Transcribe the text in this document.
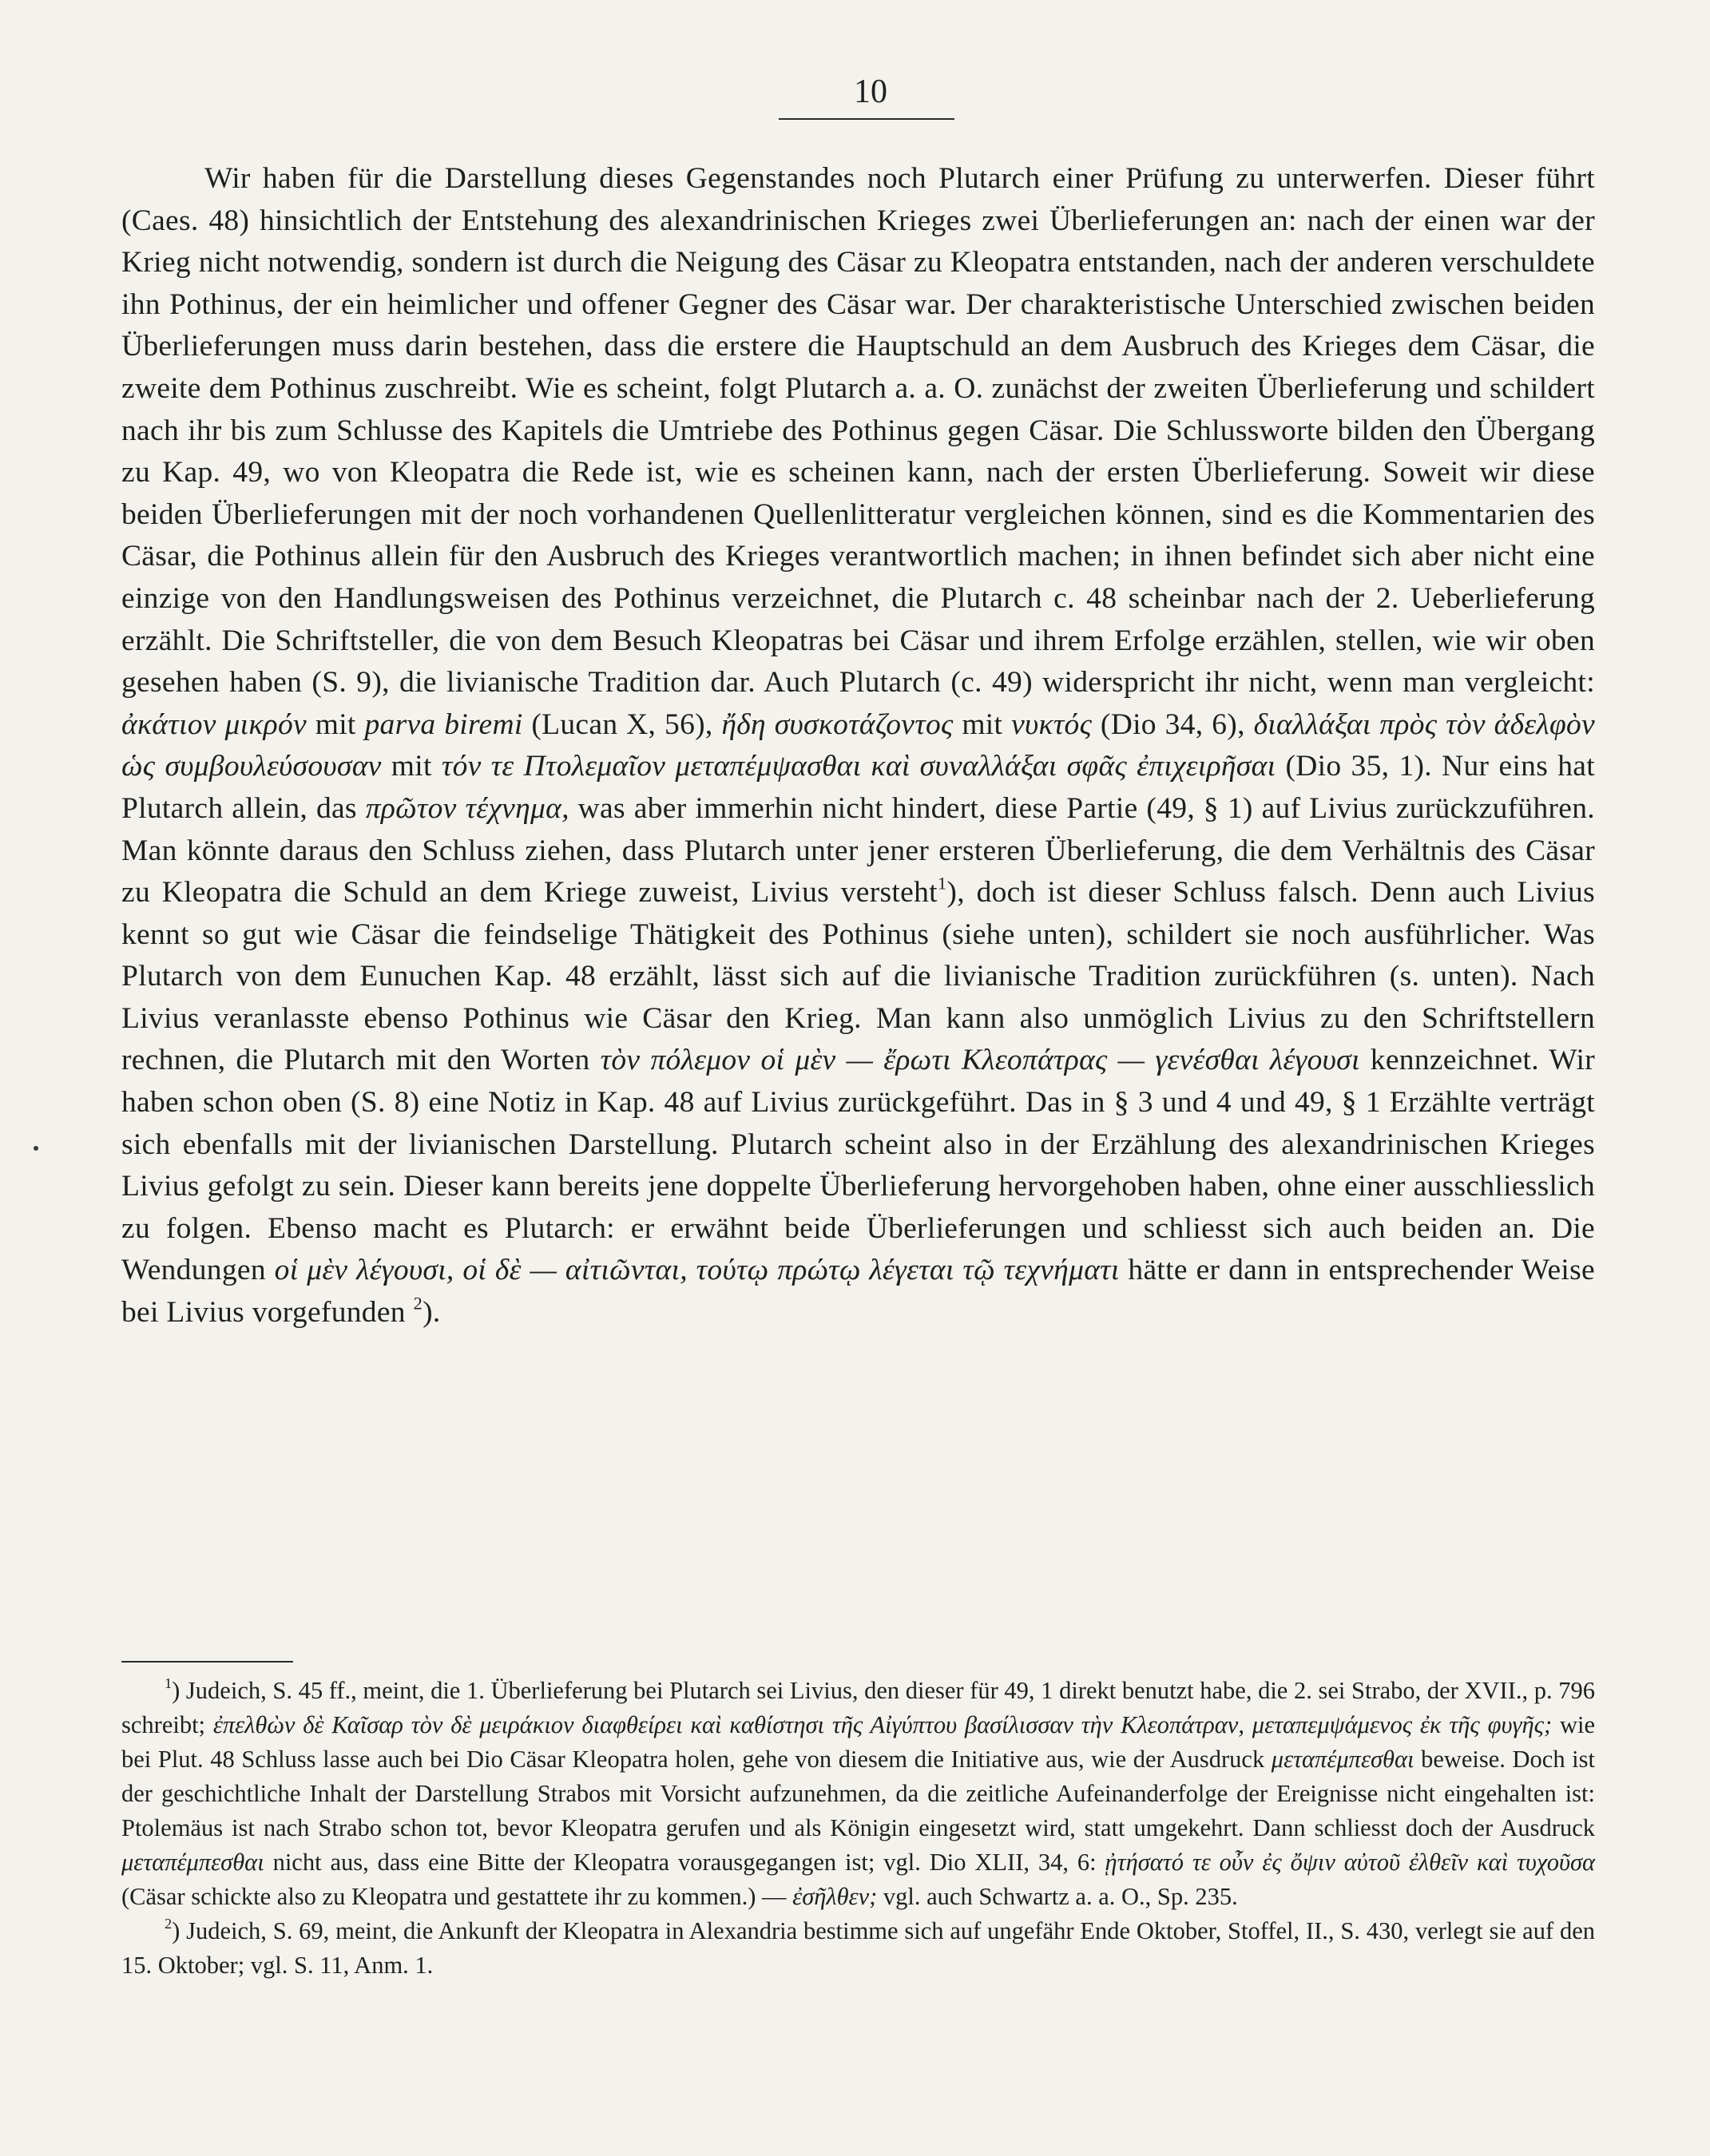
10

Wir haben für die Darstellung dieses Gegenstandes noch Plutarch einer Prüfung zu unterwerfen. Dieser führt (Caes. 48) hinsichtlich der Entstehung des alexandrinischen Krieges zwei Überlieferungen an: nach der einen war der Krieg nicht notwendig, sondern ist durch die Neigung des Cäsar zu Kleopatra entstanden, nach der anderen verschuldete ihn Pothinus, der ein heimlicher und offener Gegner des Cäsar war. Der charakteristische Unterschied zwischen beiden Überlieferungen muss darin bestehen, dass die erstere die Hauptschuld an dem Ausbruch des Krieges dem Cäsar, die zweite dem Pothinus zuschreibt. Wie es scheint, folgt Plutarch a. a. O. zunächst der zweiten Überlieferung und schildert nach ihr bis zum Schlusse des Kapitels die Umtriebe des Pothinus gegen Cäsar. Die Schlussworte bilden den Übergang zu Kap. 49, wo von Kleopatra die Rede ist, wie es scheinen kann, nach der ersten Überlieferung. Soweit wir diese beiden Überlieferungen mit der noch vorhandenen Quellenlitteratur vergleichen können, sind es die Kommentarien des Cäsar, die Pothinus allein für den Ausbruch des Krieges verantwortlich machen; in ihnen befindet sich aber nicht eine einzige von den Handlungsweisen des Pothinus verzeichnet, die Plutarch c. 48 scheinbar nach der 2. Ueberlieferung erzählt. Die Schriftsteller, die von dem Besuch Kleopatras bei Cäsar und ihrem Erfolge erzählen, stellen, wie wir oben gesehen haben (S. 9), die livianische Tradition dar. Auch Plutarch (c. 49) widerspricht ihr nicht, wenn man vergleicht: ἀκάτιον μικρόν mit parva biremi (Lucan X, 56), ἤδη συσκοτάζοντος mit νυκτός (Dio 34, 6), διαλλάξαι πρὸς τὸν ἀδελφὸν ὡς συμβουλεύσουσαν mit τόν τε Πτολεμαῖον μεταπέμψασθαι καὶ συναλλάξαι σφᾶς ἐπιχειρῆσαι (Dio 35, 1). Nur eins hat Plutarch allein, das πρῶτον τέχνημα, was aber immerhin nicht hindert, diese Partie (49, § 1) auf Livius zurückzuführen. Man könnte daraus den Schluss ziehen, dass Plutarch unter jener ersteren Überlieferung, die dem Verhältnis des Cäsar zu Kleopatra die Schuld an dem Kriege zuweist, Livius versteht$^1$), doch ist dieser Schluss falsch. Denn auch Livius kennt so gut wie Cäsar die feindselige Thätigkeit des Pothinus (siehe unten), schildert sie noch ausführlicher. Was Plutarch von dem Eunuchen Kap. 48 erzählt, lässt sich auf die livianische Tradition zurückführen (s. unten). Nach Livius veranlasste ebenso Pothinus wie Cäsar den Krieg. Man kann also unmöglich Livius zu den Schriftstellern rechnen, die Plutarch mit den Worten τὸν πόλεμον οἱ μὲν — ἔρωτι Κλεοπάτρας — γενέσθαι λέγουσι kennzeichnet. Wir haben schon oben (S. 8) eine Notiz in Kap. 48 auf Livius zurückgeführt. Das in § 3 und 4 und 49, § 1 Erzählte verträgt sich ebenfalls mit der livianischen Darstellung. Plutarch scheint also in der Erzählung des alexandrinischen Krieges Livius gefolgt zu sein. Dieser kann bereits jene doppelte Überlieferung hervorgehoben haben, ohne einer ausschliesslich zu folgen. Ebenso macht es Plutarch: er erwähnt beide Überlieferungen und schliesst sich auch beiden an. Die Wendungen οἱ μὲν λέγουσι, οἱ δὲ — αἰτιῶνται, τούτῳ πρώτῳ λέγεται τῷ τεχνήματι hätte er dann in entsprechender Weise bei Livius vorgefunden $^2$).

$^1$) Judeich, S. 45 ff., meint, die 1. Überlieferung bei Plutarch sei Livius, den dieser für 49, 1 direkt benutzt habe, die 2. sei Strabo, der XVII., p. 796 schreibt; ἐπελθὼν δὲ Καῖσαρ τὸν δὲ μειράκιον διαφθείρει καὶ καθίστησι τῆς Αἰγύπτου βασίλισσαν τὴν Κλεοπάτραν, μεταπεμψάμενος ἐκ τῆς φυγῆς; wie bei Plut. 48 Schluss lasse auch bei Dio Cäsar Kleopatra holen, gehe von diesem die Initiative aus, wie der Ausdruck μεταπέμπεσθαι beweise. Doch ist der geschichtliche Inhalt der Darstellung Strabos mit Vorsicht aufzunehmen, da die zeitliche Aufeinanderfolge der Ereignisse nicht eingehalten ist: Ptolemäus ist nach Strabo schon tot, bevor Kleopatra gerufen und als Königin eingesetzt wird, statt umgekehrt. Dann schliesst doch der Ausdruck μεταπέμπεσθαι nicht aus, dass eine Bitte der Kleopatra vorausgegangen ist; vgl. Dio XLII, 34, 6: ᾐτήσατό τε οὖν ἐς ὄψιν αὐτοῦ ἐλθεῖν καὶ τυχοῦσα (Cäsar schickte also zu Kleopatra und gestattete ihr zu kommen.) — ἐσῆλθεν; vgl. auch Schwartz a. a. O., Sp. 235.

$^2$) Judeich, S. 69, meint, die Ankunft der Kleopatra in Alexandria bestimme sich auf ungefähr Ende Oktober, Stoffel, II., S. 430, verlegt sie auf den 15. Oktober; vgl. S. 11, Anm. 1.
